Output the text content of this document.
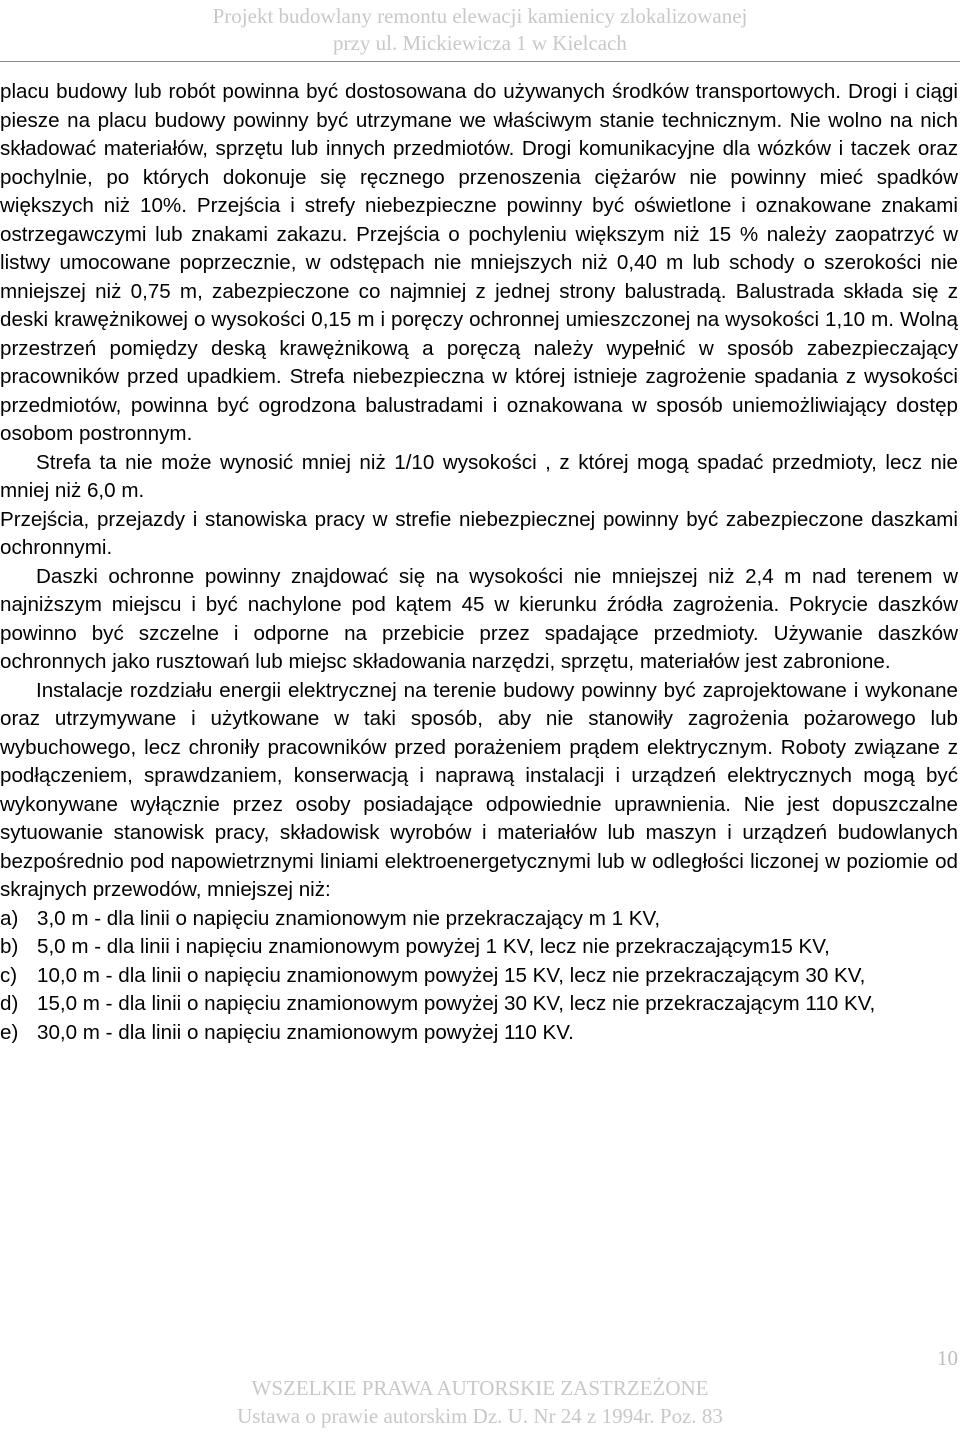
Projekt budowlany remontu elewacji kamienicy zlokalizowanej
przy ul. Mickiewicza 1 w Kielcach

placu budowy lub robót powinna być dostosowana do używanych środków transportowych. Drogi i ciągi piesze na placu budowy powinny być utrzymane we właściwym stanie technicznym. Nie wolno na nich składować materiałów, sprzętu lub innych przedmiotów. Drogi komunikacyjne dla wózków i taczek oraz pochylnie, po których dokonuje się ręcznego przenoszenia ciężarów nie powinny mieć spadków większych niż 10%. Przejścia i strefy niebezpieczne powinny być oświetlone i oznakowane znakami ostrzegawczymi lub znakami zakazu. Przejścia o pochyleniu większym niż 15 % należy zaopatrzyć w listwy umocowane poprzecznie, w odstępach nie mniejszych niż 0,40 m lub schody o szerokości nie mniejszej niż 0,75 m, zabezpieczone co najmniej z jednej strony balustradą. Balustrada składa się z deski krawężnikowej o wysokości 0,15 m i poręczy ochronnej umieszczonej na wysokości 1,10 m. Wolną przestrzeń pomiędzy deską krawężnikową a poręczą należy wypełnić w sposób zabezpieczający pracowników przed upadkiem. Strefa niebezpieczna w której istnieje zagrożenie spadania z wysokości przedmiotów, powinna być ogrodzona balustradami i oznakowana w sposób uniemożliwiający dostęp osobom postronnym.

Strefa ta nie może wynosić mniej niż 1/10 wysokości , z której mogą spadać przedmioty, lecz nie mniej niż 6,0 m.

Przejścia, przejazdy i stanowiska pracy w strefie niebezpiecznej powinny być zabezpieczone daszkami ochronnymi.

Daszki ochronne powinny znajdować się na wysokości nie mniejszej niż 2,4 m nad terenem w najniższym miejscu i być nachylone pod kątem 45 w kierunku źródła zagrożenia. Pokrycie daszków powinno być szczelne i odporne na przebicie przez spadające przedmioty. Używanie daszków ochronnych jako rusztowań lub miejsc składowania narzędzi, sprzętu, materiałów jest zabronione.

Instalacje rozdziału energii elektrycznej na terenie budowy powinny być zaprojektowane i wykonane oraz utrzymywane i użytkowane w taki sposób, aby nie stanowiły zagrożenia pożarowego lub wybuchowego, lecz chroniły pracowników przed porażeniem prądem elektrycznym. Roboty związane z podłączeniem, sprawdzaniem, konserwacją i naprawą instalacji i urządzeń elektrycznych mogą być wykonywane wyłącznie przez osoby posiadające odpowiednie uprawnienia. Nie jest dopuszczalne sytuowanie stanowisk pracy, składowisk wyrobów i materiałów lub maszyn i urządzeń budowlanych bezpośrednio pod napowietrznymi liniami elektroenergetycznymi lub w odległości liczonej w poziomie od skrajnych przewodów, mniejszej niż:

a) 3,0 m - dla linii o napięciu znamionowym nie przekraczający m 1 KV,
b) 5,0 m - dla linii i napięciu znamionowym powyżej 1 KV, lecz nie przekraczającym15 KV,
c) 10,0 m - dla linii o napięciu znamionowym powyżej 15 KV, lecz nie przekraczającym 30 KV,
d) 15,0 m - dla linii o napięciu znamionowym powyżej 30 KV, lecz nie przekraczającym 110 KV,
e) 30,0 m - dla linii o napięciu znamionowym powyżej 110 KV.
10
WSZELKIE PRAWA AUTORSKIE ZASTRZEŻONE
Ustawa o prawie autorskim Dz. U. Nr 24 z 1994r. Poz. 83
